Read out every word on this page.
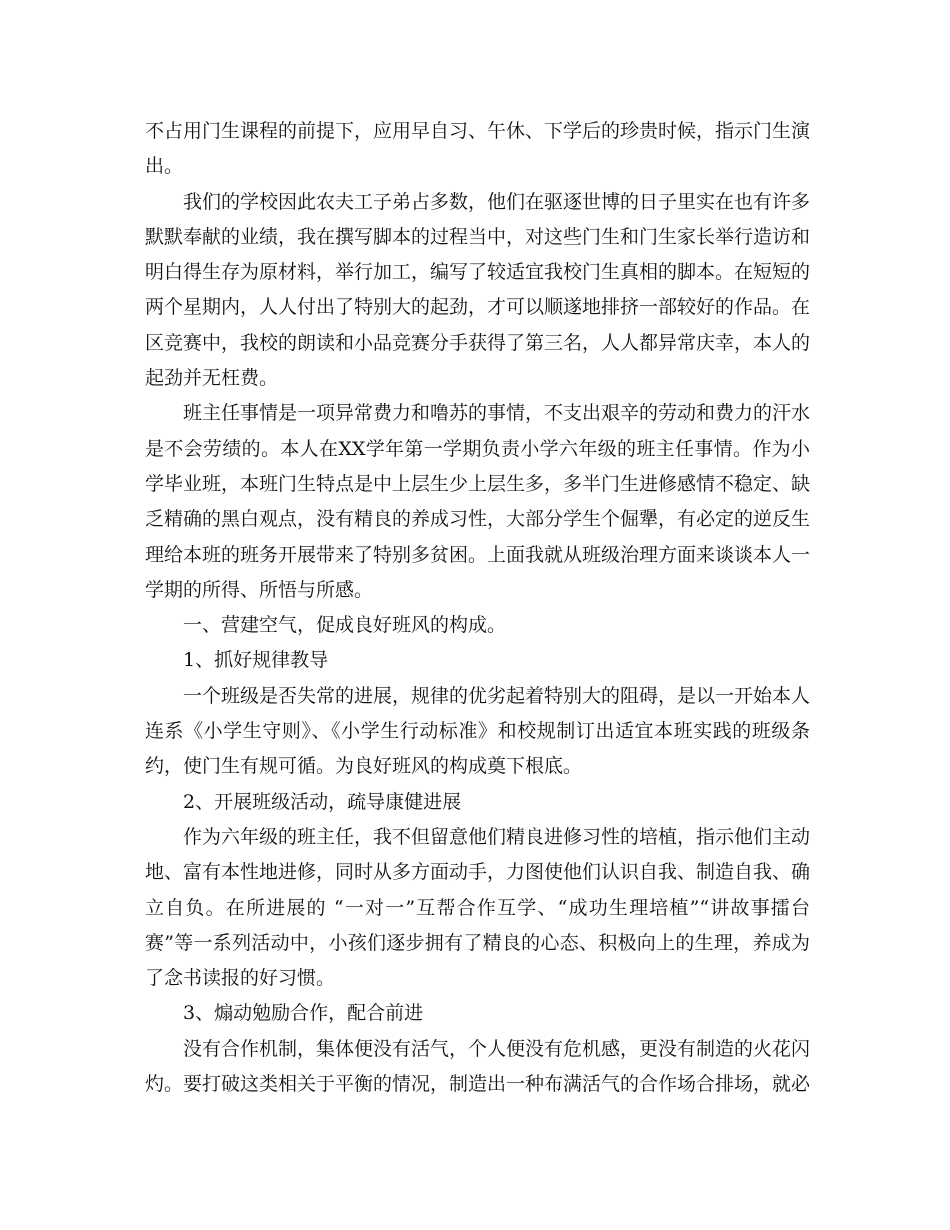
不占用门生课程的前提下，应用早自习、午休、下学后的珍贵时候，指示门生演出。

我们的学校因此农夫工子弟占多数，他们在驱逐世博的日子里实在也有许多默默奉献的业绩，我在撰写脚本的过程当中，对这些门生和门生家长举行造访和明白得生存为原材料，举行加工，编写了较适宜我校门生真相的脚本。在短短的两个星期内，人人付出了特别大的起劲，才可以顺遂地排挤一部较好的作品。在区竞赛中，我校的朗读和小品竞赛分手获得了第三名，人人都异常庆幸，本人的起劲并无枉费。

班主任事情是一项异常费力和噜苏的事情，不支出艰辛的劳动和费力的汗水是不会劳绩的。本人在XX学年第一学期负责小学六年级的班主任事情。作为小学毕业班，本班门生特点是中上层生少上层生多，多半门生进修感情不稳定、缺乏精确的黑白观点，没有精良的养成习性，大部分学生个倔犟，有必定的逆反生理给本班的班务开展带来了特别多贫困。上面我就从班级治理方面来谈谈本人一学期的所得、所悟与所感。

一、营建空气，促成良好班风的构成。

1、抓好规律教导

一个班级是否失常的进展，规律的优劣起着特别大的阻碍，是以一开始本人连系《小学生守则》、《小学生行动标准》和校规制订出适宜本班实践的班级条约，使门生有规可循。为良好班风的构成奠下根底。

2、开展班级活动，疏导康健进展

作为六年级的班主任，我不但留意他们精良进修习性的培植，指示他们主动地、富有本性地进修，同时从多方面动手，力图使他们认识自我、制造自我、确立自负。在所进展的 “一对一”互帮合作互学、“成功生理培植”“讲故事擂台赛”等一系列活动中，小孩们逐步拥有了精良的心态、积极向上的生理，养成为了念书读报的好习惯。

3、煽动勉励合作，配合前进

没有合作机制，集体便没有活气，个人便没有危机感，更没有制造的火花闪灼。要打破这类相关于平衡的情况，制造出一种布满活气的合作场合排场，就必
